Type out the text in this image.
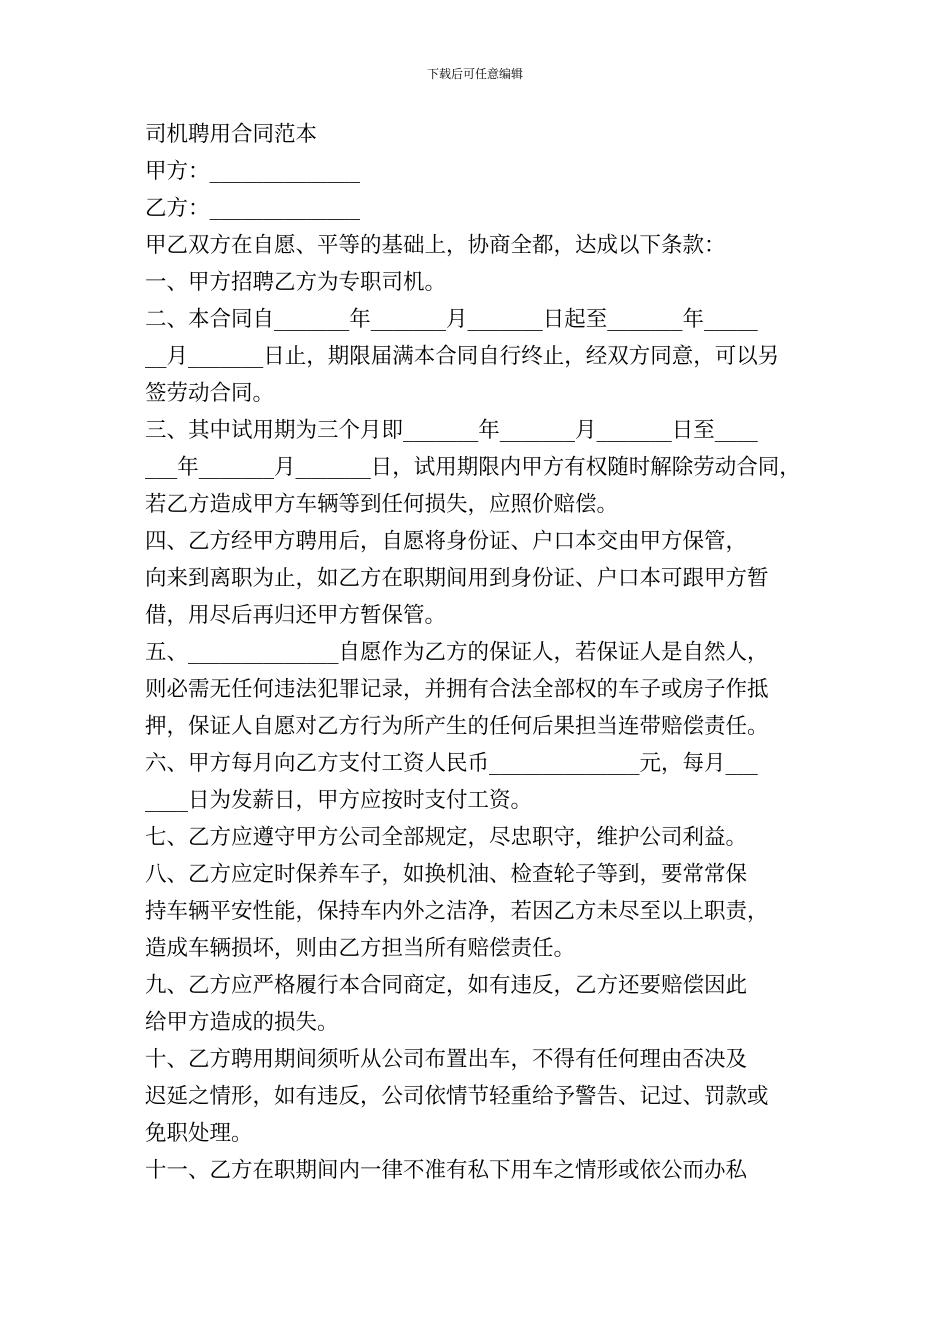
下载后可任意编辑
司机聘用合同范本
甲方：______________
乙方：______________
甲乙双方在自愿、平等的基础上，协商全都，达成以下条款：
一、甲方招聘乙方为专职司机。
二、本合同自_______年_______月_______日起至_______年_____
__月_______日止，期限届满本合同自行终止，经双方同意，可以另
签劳动合同。
三、其中试用期为三个月即_______年_______月_______日至____
___年_______月_______日，试用期限内甲方有权随时解除劳动合同，
若乙方造成甲方车辆等到任何损失，应照价赔偿。
四、乙方经甲方聘用后，自愿将身份证、户口本交由甲方保管，
向来到离职为止，如乙方在职期间用到身份证、户口本可跟甲方暂
借，用尽后再归还甲方暂保管。
五、______________自愿作为乙方的保证人，若保证人是自然人，
则必需无任何违法犯罪记录，并拥有合法全部权的车子或房子作抵
押，保证人自愿对乙方行为所产生的任何后果担当连带赔偿责任。
六、甲方每月向乙方支付工资人民币______________元，每月___
____日为发薪日，甲方应按时支付工资。
七、乙方应遵守甲方公司全部规定，尽忠职守，维护公司利益。
八、乙方应定时保养车子，如换机油、检查轮子等到，要常常保
持车辆平安性能，保持车内外之洁净，若因乙方未尽至以上职责，
造成车辆损坏，则由乙方担当所有赔偿责任。
九、乙方应严格履行本合同商定，如有违反，乙方还要赔偿因此
给甲方造成的损失。
十、乙方聘用期间须听从公司布置出车，不得有任何理由否决及
迟延之情形，如有违反，公司依情节轻重给予警告、记过、罚款或
免职处理。
十一、乙方在职期间内一律不准有私下用车之情形或依公而办私
